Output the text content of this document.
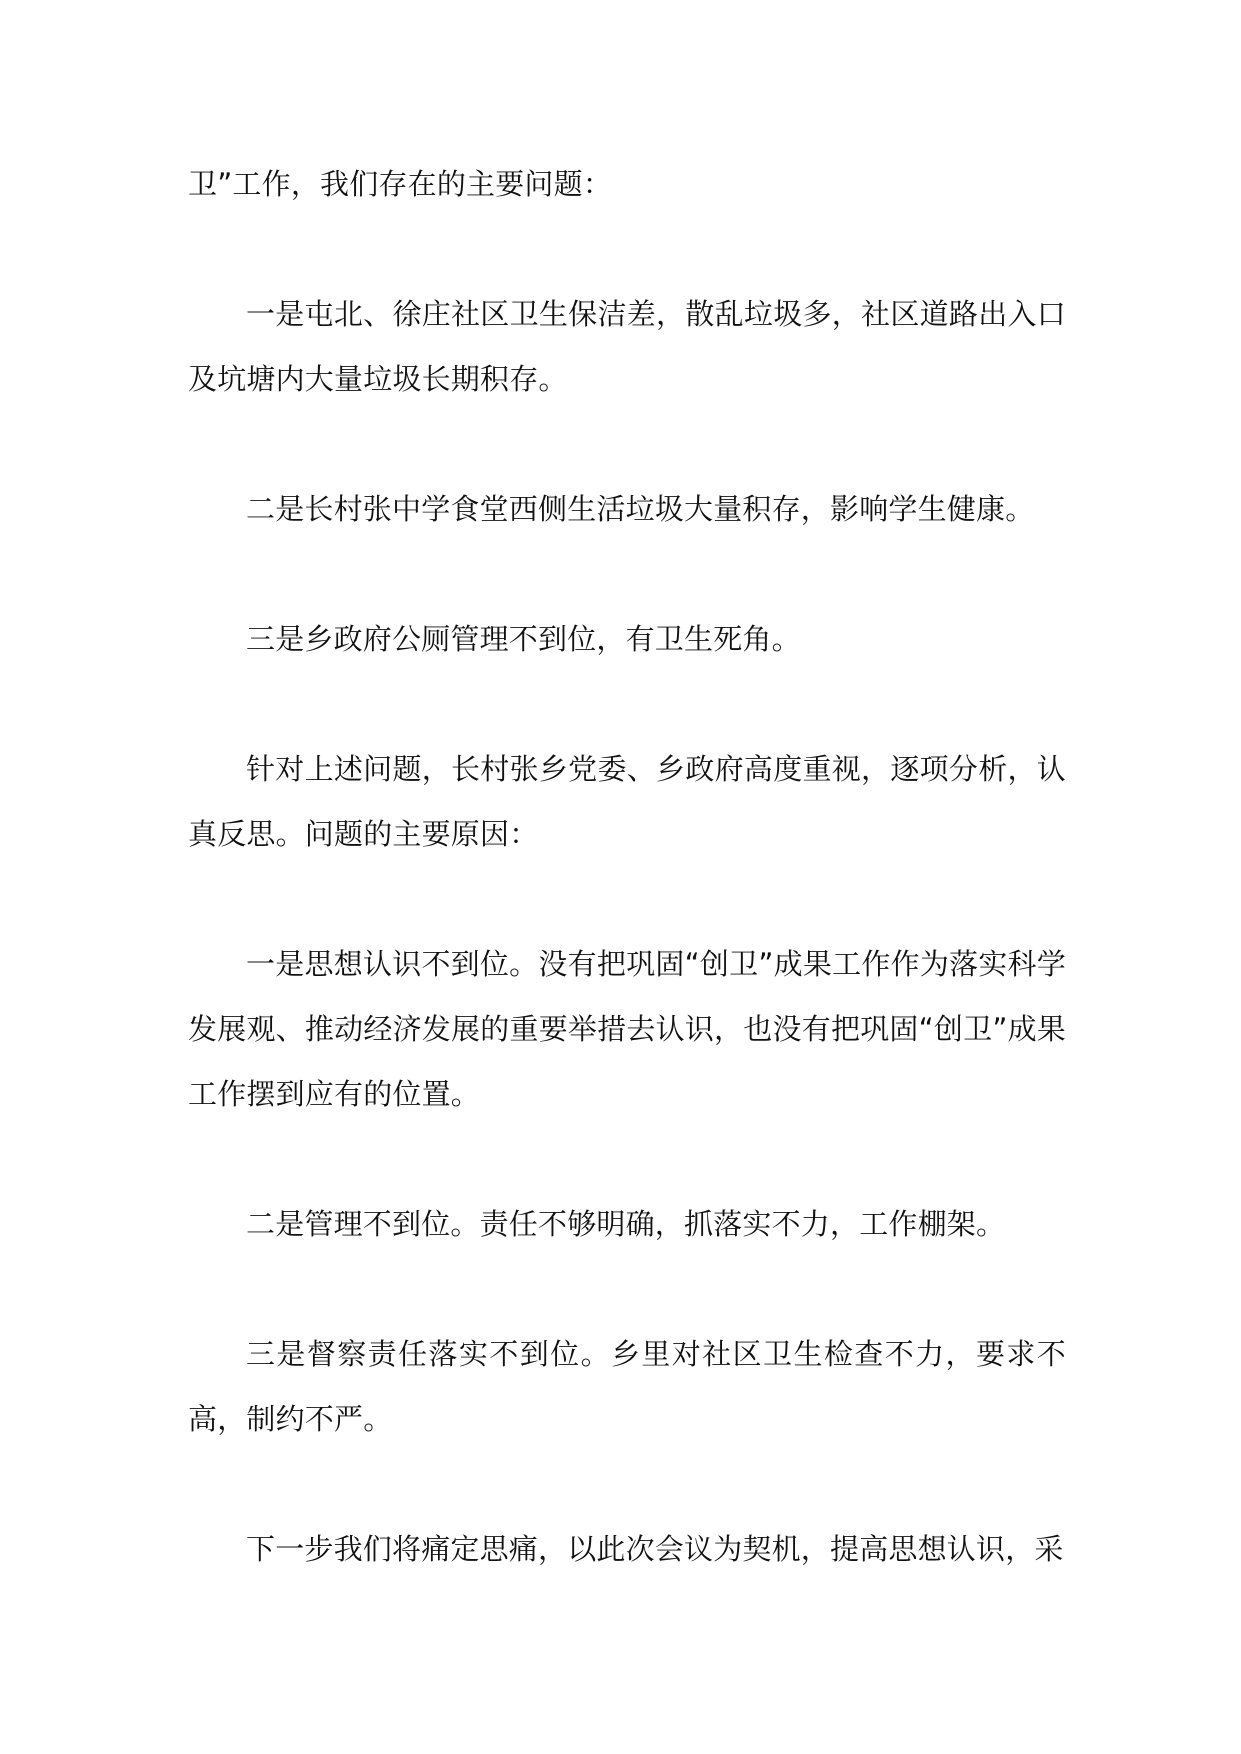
卫”工作，我们存在的主要问题：

一是屯北、徐庄社区卫生保洁差，散乱垃圾多，社区道路出入口及坑塘内大量垃圾长期积存。

二是长村张中学食堂西侧生活垃圾大量积存，影响学生健康。

三是乡政府公厕管理不到位，有卫生死角。

针对上述问题，长村张乡党委、乡政府高度重视，逐项分析，认真反思。问题的主要原因：

一是思想认识不到位。没有把巩固“创卫”成果工作作为落实科学发展观、推动经济发展的重要举措去认识，也没有把巩固“创卫”成果工作摆到应有的位置。

二是管理不到位。责任不够明确，抓落实不力，工作棚架。

三是督察责任落实不到位。乡里对社区卫生检查不力，要求不高，制约不严。

下一步我们将痛定思痛，以此次会议为契机，提高思想认识，采
